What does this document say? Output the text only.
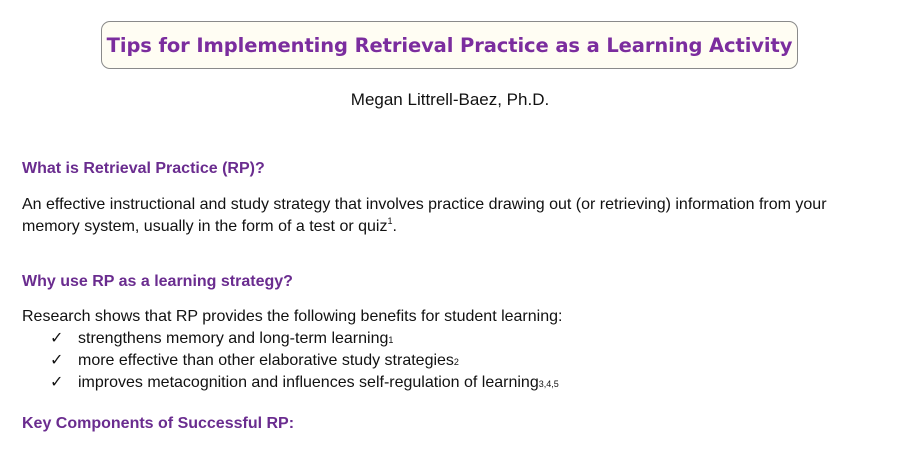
Tips for Implementing Retrieval Practice as a Learning Activity
Megan Littrell-Baez, Ph.D.
What is Retrieval Practice (RP)?
An effective instructional and study strategy that involves practice drawing out (or retrieving) information from your memory system, usually in the form of a test or quiz$^1$.
Why use RP as a learning strategy?
Research shows that RP provides the following benefits for student learning:
✓ strengthens memory and long-term learning 1
✓ more effective than other elaborative study strategies 2
✓ improves metacognition and influences self-regulation of learning 3,4,5
Key Components of Successful RP:
